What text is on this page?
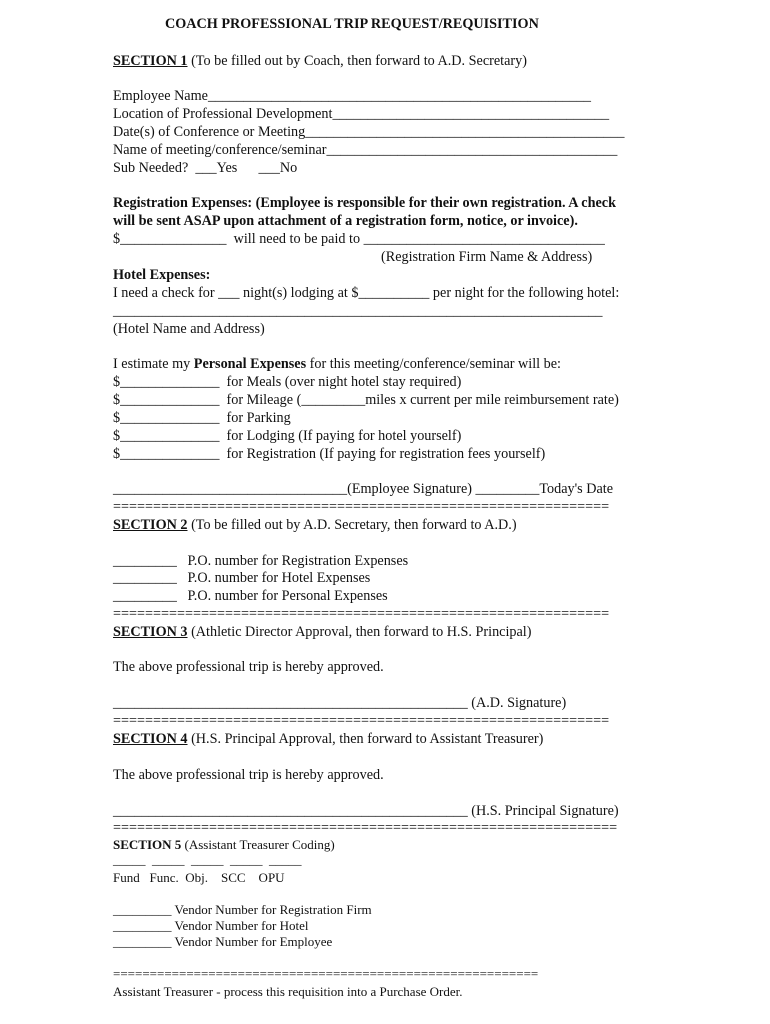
COACH PROFESSIONAL TRIP REQUEST/REQUISITION
SECTION 1 (To be filled out by Coach, then forward to A.D. Secretary)
Employee Name______________________________________________________
Location of Professional Development_______________________________________
Date(s) of Conference or Meeting_____________________________________________
Name of meeting/conference/seminar_________________________________________
Sub Needed?  ___Yes      ___No
Registration Expenses: (Employee is responsible for their own registration. A check
will be sent ASAP upon attachment of a registration form, notice, or invoice).
$_______________  will need to be paid to __________________________________
(Registration Firm Name & Address)
Hotel Expenses:
I need a check for ___ night(s) lodging at $__________ per night for the following hotel:
_____________________________________________________________________
(Hotel Name and Address)
I estimate my Personal Expenses for this meeting/conference/seminar will be:
$______________  for Meals (over night hotel stay required)
$______________  for Mileage (_________miles x current per mile reimbursement rate)
$______________  for Parking
$______________  for Lodging (If paying for hotel yourself)
$______________  for Registration (If paying for registration fees yourself)
_________________________________(Employee Signature) _________Today's Date
==============================================================
SECTION 2 (To be filled out by A.D. Secretary, then forward to A.D.)
_________   P.O. number for Registration Expenses
_________   P.O. number for Hotel Expenses
_________   P.O. number for Personal Expenses
==============================================================
SECTION 3 (Athletic Director Approval, then forward to H.S. Principal)
The above professional trip is hereby approved.
__________________________________________________ (A.D. Signature)
==============================================================
SECTION 4 (H.S. Principal Approval, then forward to Assistant Treasurer)
The above professional trip is hereby approved.
__________________________________________________ (H.S. Principal Signature)
===============================================================
SECTION 5 (Assistant Treasurer Coding)
_____  _____  _____  _____  _____
Fund   Func.  Obj.    SCC    OPU
_________ Vendor Number for Registration Firm
_________ Vendor Number for Hotel
_________ Vendor Number for Employee
==========================================================
Assistant Treasurer - process this requisition into a Purchase Order.
